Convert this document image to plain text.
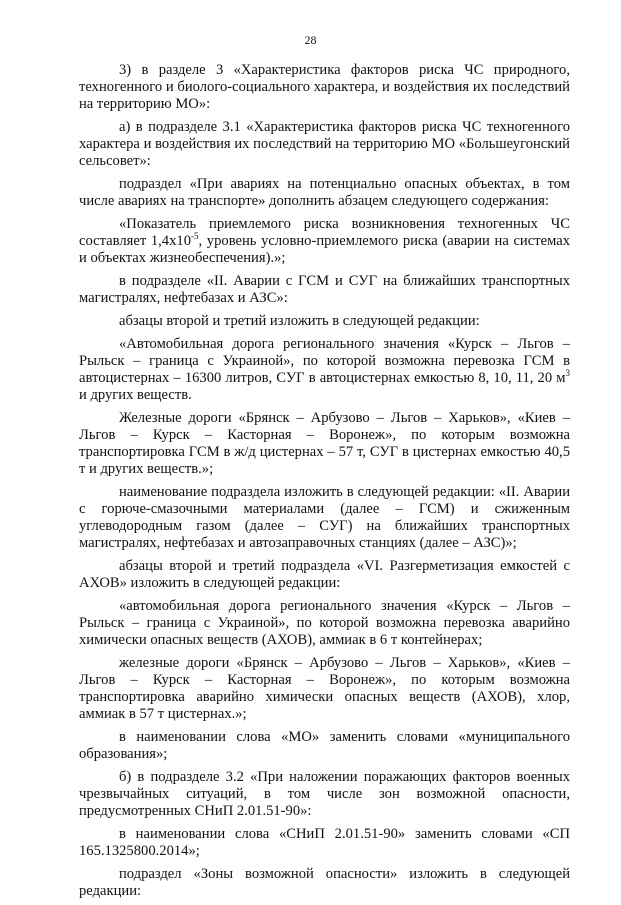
28

3) в разделе 3 «Характеристика факторов риска ЧС природного, техногенного и биолого-социального характера, и воздействия их последствий на территорию МО»:

а) в подразделе 3.1 «Характеристика факторов риска ЧС техногенного характера и воздействия их последствий на территорию МО «Большеугонский сельсовет»:

подраздел «При авариях на потенциально опасных объектах, в том числе авариях на транспорте» дополнить абзацем следующего содержания:

«Показатель приемлемого риска возникновения техногенных ЧС составляет $1,4х10^{-5}$, уровень условно-приемлемого риска (аварии на системах и объектах жизнеобеспечения).»;

в подразделе «II. Аварии с ГСМ и СУГ на ближайших транспортных магистралях, нефтебазах и АЗС»:

абзацы второй и третий изложить в следующей редакции:

«Автомобильная дорога регионального значения «Курск – Льгов – Рыльск – граница с Украиной», по которой возможна перевозка ГСМ в автоцистернах – 16300 литров, СУГ в автоцистернах емкостью 8, 10, 11, 20 $м^3$ и других веществ.

Железные дороги «Брянск – Арбузово – Льгов – Харьков», «Киев – Льгов – Курск – Касторная – Воронеж», по которым возможна транспортировка ГСМ в ж/д цистернах – 57 т, СУГ в цистернах емкостью 40,5 т и других веществ.»;

наименование подраздела изложить в следующей редакции: «II. Аварии с горюче-смазочными материалами (далее – ГСМ) и сжиженным углеводородным газом (далее – СУГ) на ближайших транспортных магистралях, нефтебазах и автозаправочных станциях (далее – АЗС)»;

абзацы второй и третий подраздела «VI. Разгерметизация емкостей с АХОВ» изложить в следующей редакции:

«автомобильная дорога регионального значения «Курск – Льгов – Рыльск – граница с Украиной», по которой возможна перевозка аварийно химически опасных веществ (АХОВ), аммиак в 6 т контейнерах;

железные дороги «Брянск – Арбузово – Льгов – Харьков», «Киев – Льгов – Курск – Касторная – Воронеж», по которым возможна транспортировка аварийно химически опасных веществ (АХОВ), хлор, аммиак в 57 т цистернах.»;

в наименовании слова «МО» заменить словами «муниципального образования»;

б) в подразделе 3.2 «При наложении поражающих факторов военных чрезвычайных ситуаций, в том числе зон возможной опасности, предусмотренных СНиП 2.01.51-90»:

в наименовании слова «СНиП 2.01.51-90» заменить словами «СП 165.1325800.2014»;

подраздел «Зоны возможной опасности» изложить в следующей редакции:
